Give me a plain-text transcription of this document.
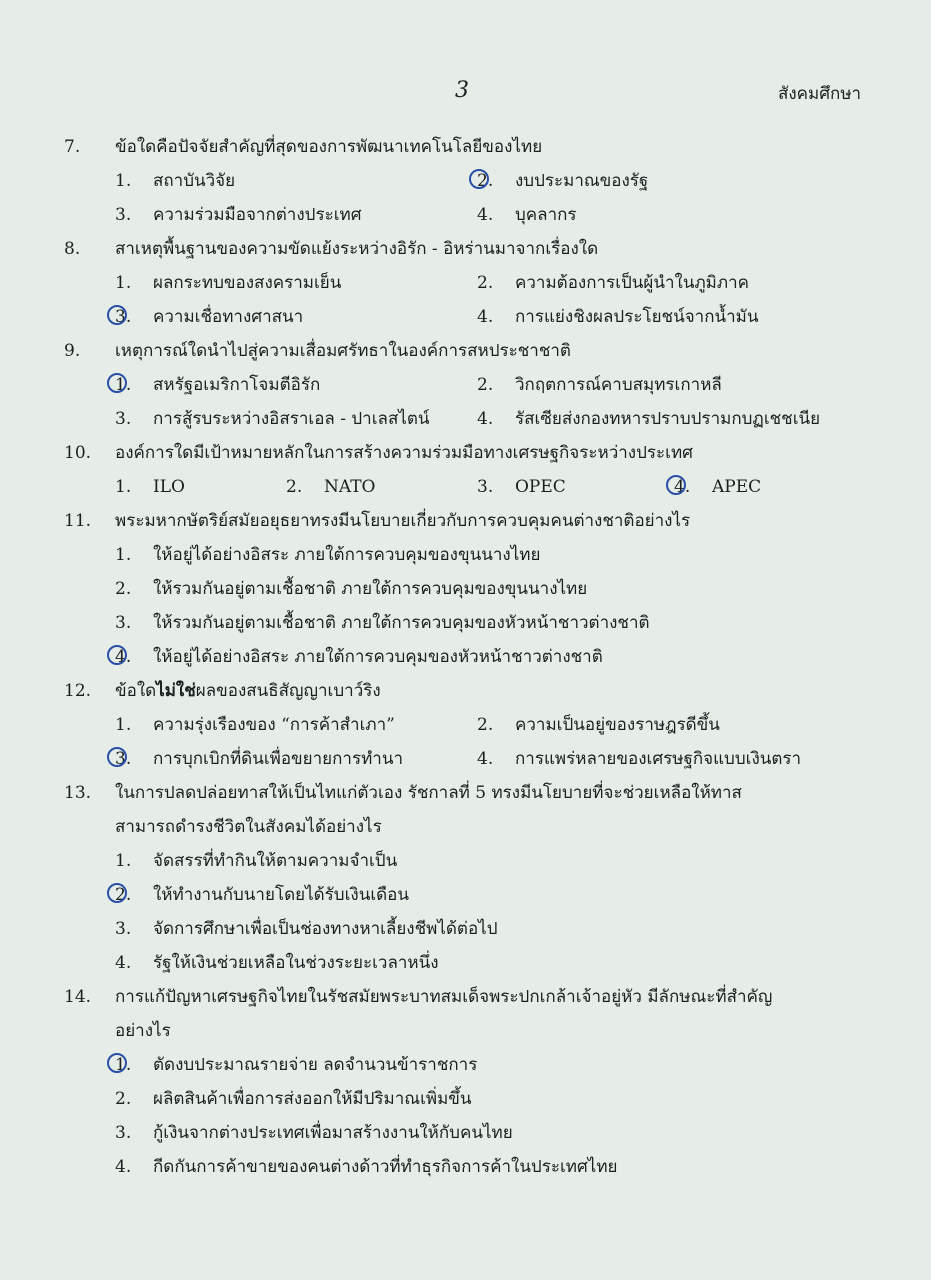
3	สังคมศึกษา
7. ข้อใดคือปัจจัยสำคัญที่สุดของการพัฒนาเทคโนโลยีของไทย
1. สถาบันวิจัย	2. งบประมาณของรัฐ
3. ความร่วมมือจากต่างประเทศ	4. บุคลากร
8. สาเหตุพื้นฐานของความขัดแย้งระหว่างอิรัก - อิหร่านมาจากเรื่องใด
1. ผลกระทบของสงครามเย็น	2. ความต้องการเป็นผู้นำในภูมิภาค
3. ความเชื่อทางศาสนา	4. การแย่งชิงผลประโยชน์จากน้ำมัน
9. เหตุการณ์ใดนำไปสู่ความเสื่อมศรัทธาในองค์การสหประชาชาติ
1. สหรัฐอเมริกาโจมตีอิรัก	2. วิกฤตการณ์คาบสมุทรเกาหลี
3. การสู้รบระหว่างอิสราเอล - ปาเลสไตน์	4. รัสเซียส่งกองทหารปราบปรามกบฏเชชเนีย
10. องค์การใดมีเป้าหมายหลักในการสร้างความร่วมมือทางเศรษฐกิจระหว่างประเทศ
1. ILO	2. NATO	3. OPEC	4. APEC
11. พระมหากษัตริย์สมัยอยุธยาทรงมีนโยบายเกี่ยวกับการควบคุมคนต่างชาติอย่างไร
1. ให้อยู่ได้อย่างอิสระ ภายใต้การควบคุมของขุนนางไทย
2. ให้รวมกันอยู่ตามเชื้อชาติ ภายใต้การควบคุมของขุนนางไทย
3. ให้รวมกันอยู่ตามเชื้อชาติ ภายใต้การควบคุมของหัวหน้าชาวต่างชาติ
4. ให้อยู่ได้อย่างอิสระ ภายใต้การควบคุมของหัวหน้าชาวต่างชาติ
12. ข้อใดไม่ใช่ผลของสนธิสัญญาเบาว์ริง
1. ความรุ่งเรืองของ “การค้าสำเภา”	2. ความเป็นอยู่ของราษฎรดีขึ้น
3. การบุกเบิกที่ดินเพื่อขยายการทำนา	4. การแพร่หลายของเศรษฐกิจแบบเงินตรา
13. ในการปลดปล่อยทาสให้เป็นไทแก่ตัวเอง รัชกาลที่ 5 ทรงมีนโยบายที่จะช่วยเหลือให้ทาส
สามารถดำรงชีวิตในสังคมได้อย่างไร
1. จัดสรรที่ทำกินให้ตามความจำเป็น
2. ให้ทำงานกับนายโดยได้รับเงินเดือน
3. จัดการศึกษาเพื่อเป็นช่องทางหาเลี้ยงชีพได้ต่อไป
4. รัฐให้เงินช่วยเหลือในช่วงระยะเวลาหนึ่ง
14. การแก้ปัญหาเศรษฐกิจไทยในรัชสมัยพระบาทสมเด็จพระปกเกล้าเจ้าอยู่หัว มีลักษณะที่สำคัญ
อย่างไร
1. ตัดงบประมาณรายจ่าย ลดจำนวนข้าราชการ
2. ผลิตสินค้าเพื่อการส่งออกให้มีปริมาณเพิ่มขึ้น
3. กู้เงินจากต่างประเทศเพื่อมาสร้างงานให้กับคนไทย
4. กีดกันการค้าขายของคนต่างด้าวที่ทำธุรกิจการค้าในประเทศไทย
